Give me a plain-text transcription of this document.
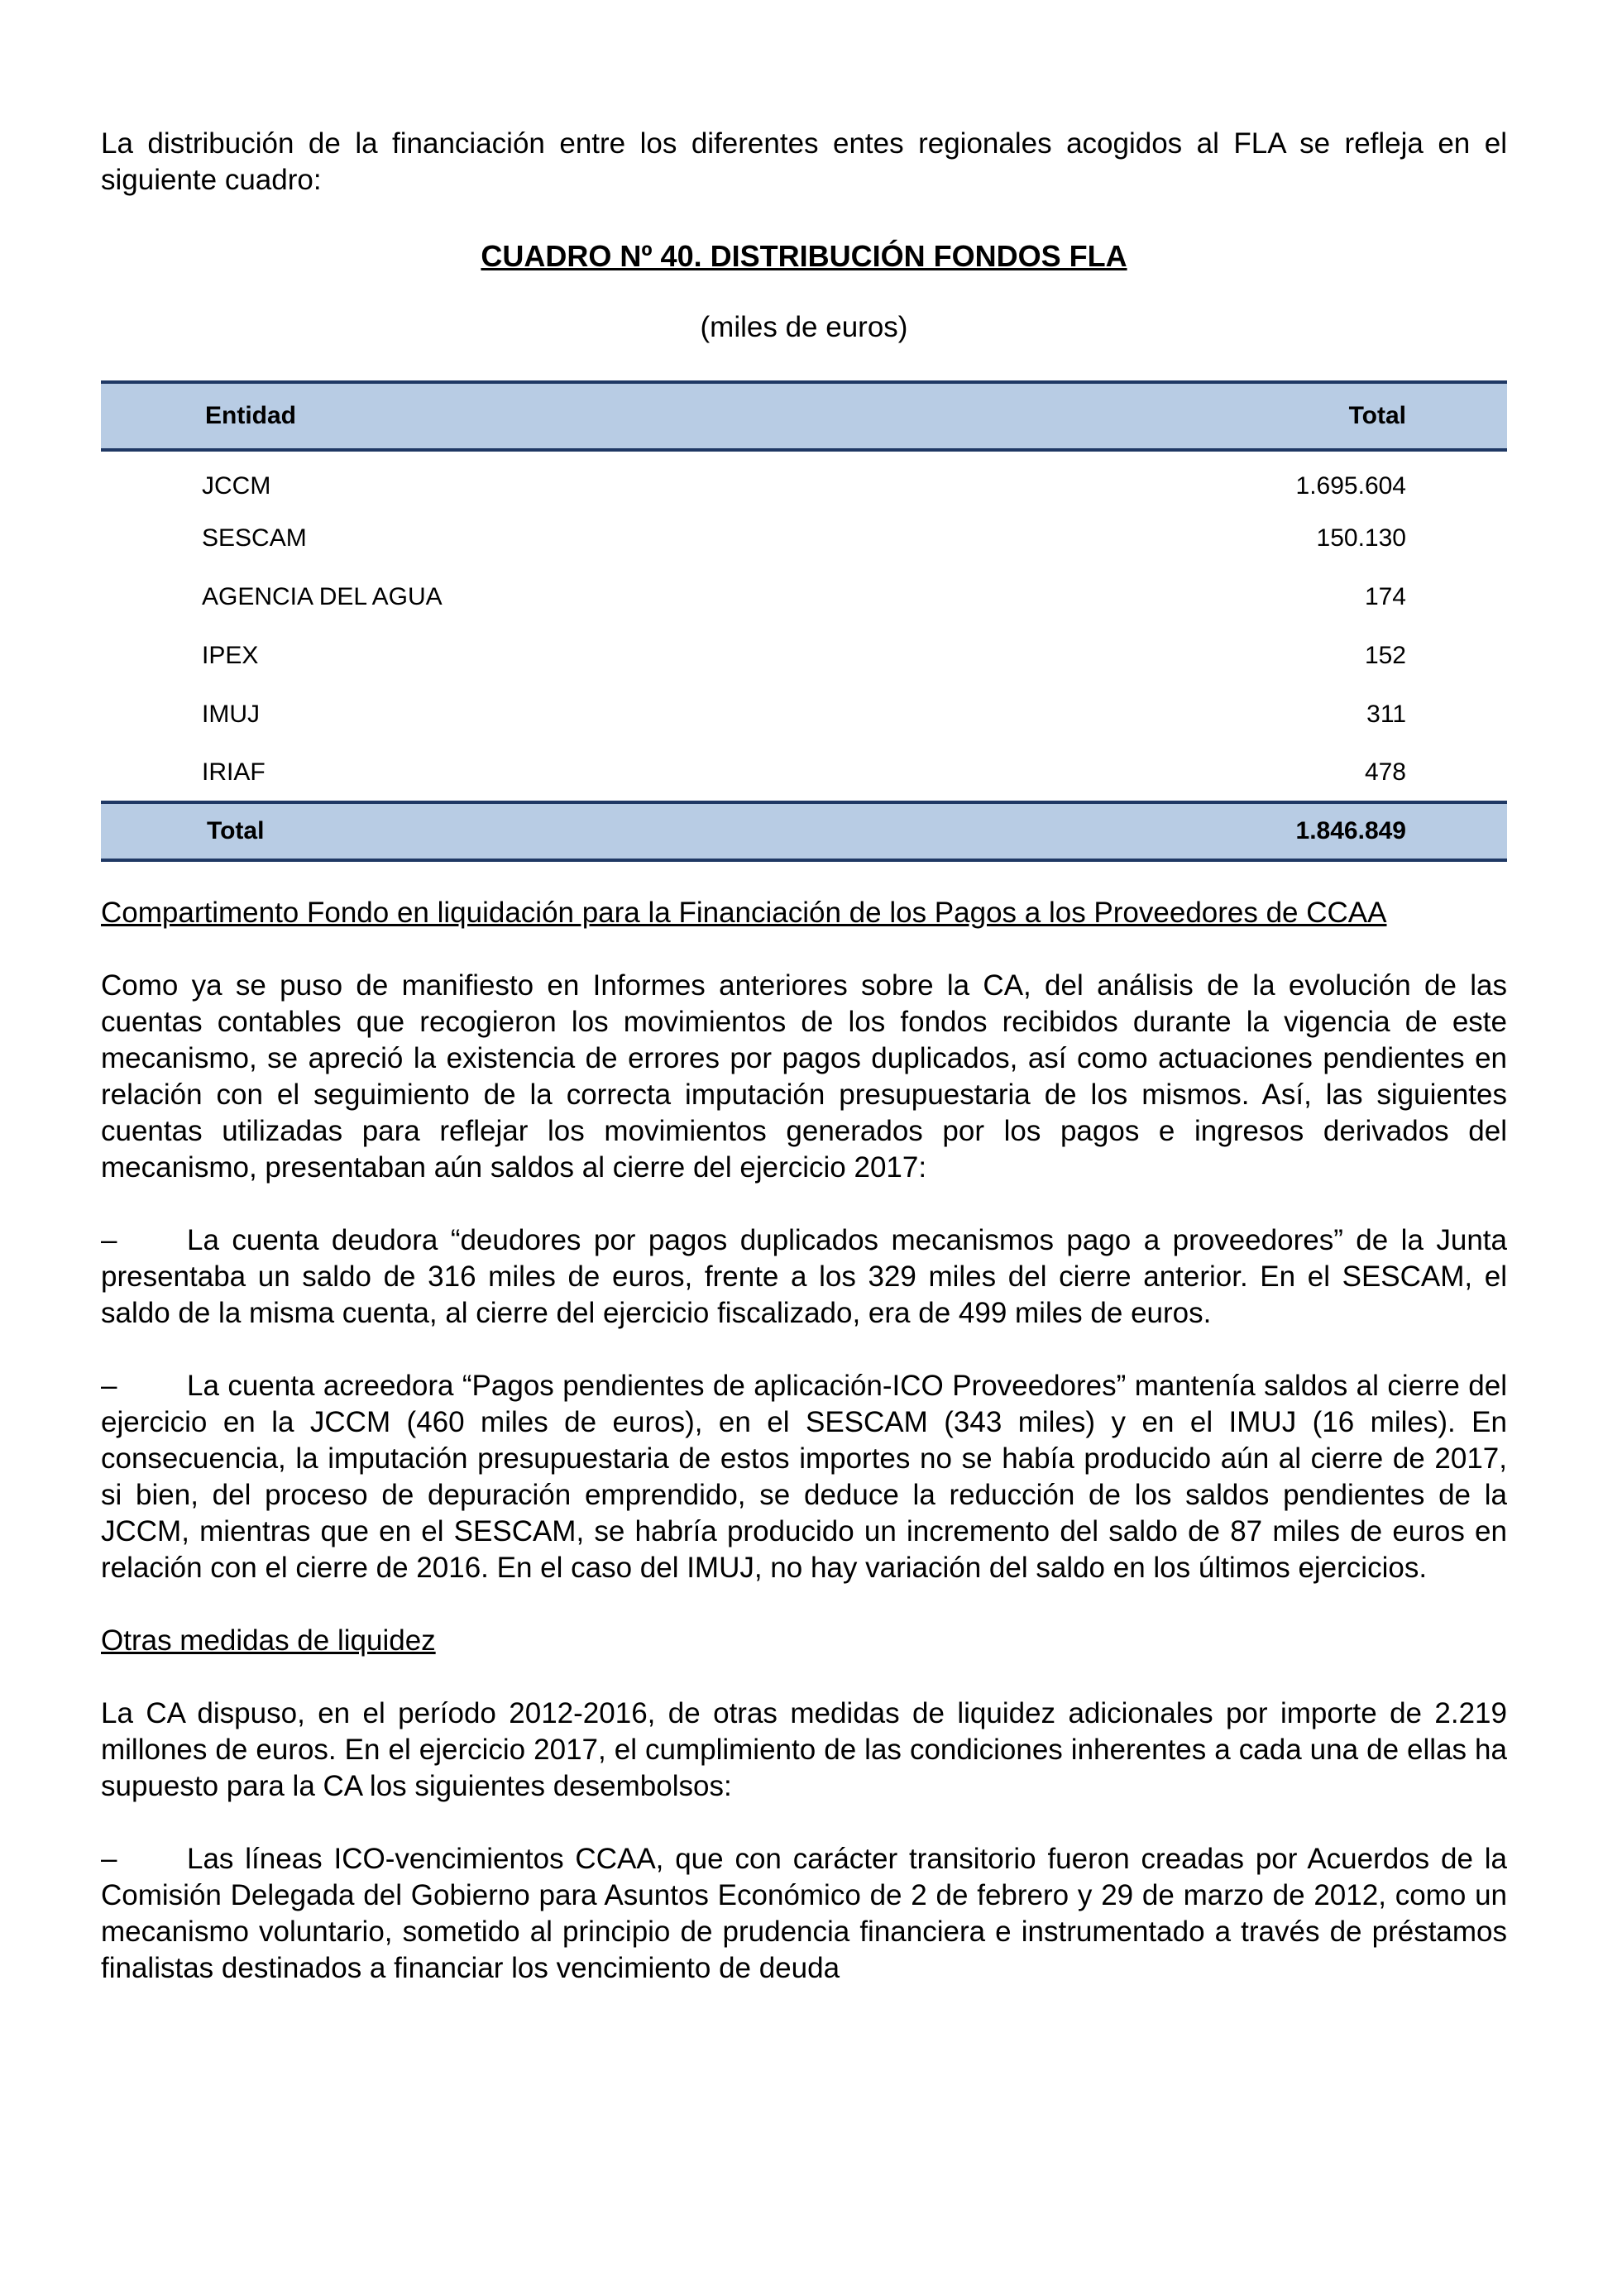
La distribución de la financiación entre los diferentes entes regionales acogidos al FLA se refleja en el siguiente cuadro:

CUADRO Nº 40. DISTRIBUCIÓN FONDOS FLA
(miles de euros)
Entidad	Total
JCCM	1.695.604
SESCAM	150.130
AGENCIA DEL AGUA	174
IPEX	152
IMUJ	311
IRIAF	478
Total	1.846.849

Compartimento Fondo en liquidación para la Financiación de los Pagos a los Proveedores de CCAA

Como ya se puso de manifiesto en Informes anteriores sobre la CA, del análisis de la evolución de las cuentas contables que recogieron los movimientos de los fondos recibidos durante la vigencia de este mecanismo, se apreció la existencia de errores por pagos duplicados, así como actuaciones pendientes en relación con el seguimiento de la correcta imputación presupuestaria de los mismos. Así, las siguientes cuentas utilizadas para reflejar los movimientos generados por los pagos e ingresos derivados del mecanismo, presentaban aún saldos al cierre del ejercicio 2017:

– La cuenta deudora “deudores por pagos duplicados mecanismos pago a proveedores” de la Junta presentaba un saldo de 316 miles de euros, frente a los 329 miles del cierre anterior. En el SESCAM, el saldo de la misma cuenta, al cierre del ejercicio fiscalizado, era de 499 miles de euros.

– La cuenta acreedora “Pagos pendientes de aplicación-ICO Proveedores” mantenía saldos al cierre del ejercicio en la JCCM (460 miles de euros), en el SESCAM (343 miles) y en el IMUJ (16 miles). En consecuencia, la imputación presupuestaria de estos importes no se había producido aún al cierre de 2017, si bien, del proceso de depuración emprendido, se deduce la reducción de los saldos pendientes de la JCCM, mientras que en el SESCAM, se habría producido un incremento del saldo de 87 miles de euros en relación con el cierre de 2016. En el caso del IMUJ, no hay variación del saldo en los últimos ejercicios.

Otras medidas de liquidez

La CA dispuso, en el período 2012-2016, de otras medidas de liquidez adicionales por importe de 2.219 millones de euros. En el ejercicio 2017, el cumplimiento de las condiciones inherentes a cada una de ellas ha supuesto para la CA los siguientes desembolsos:

– Las líneas ICO-vencimientos CCAA, que con carácter transitorio fueron creadas por Acuerdos de la Comisión Delegada del Gobierno para Asuntos Económico de 2 de febrero y 29 de marzo de 2012, como un mecanismo voluntario, sometido al principio de prudencia financiera e instrumentado a través de préstamos finalistas destinados a financiar los vencimiento de deuda
